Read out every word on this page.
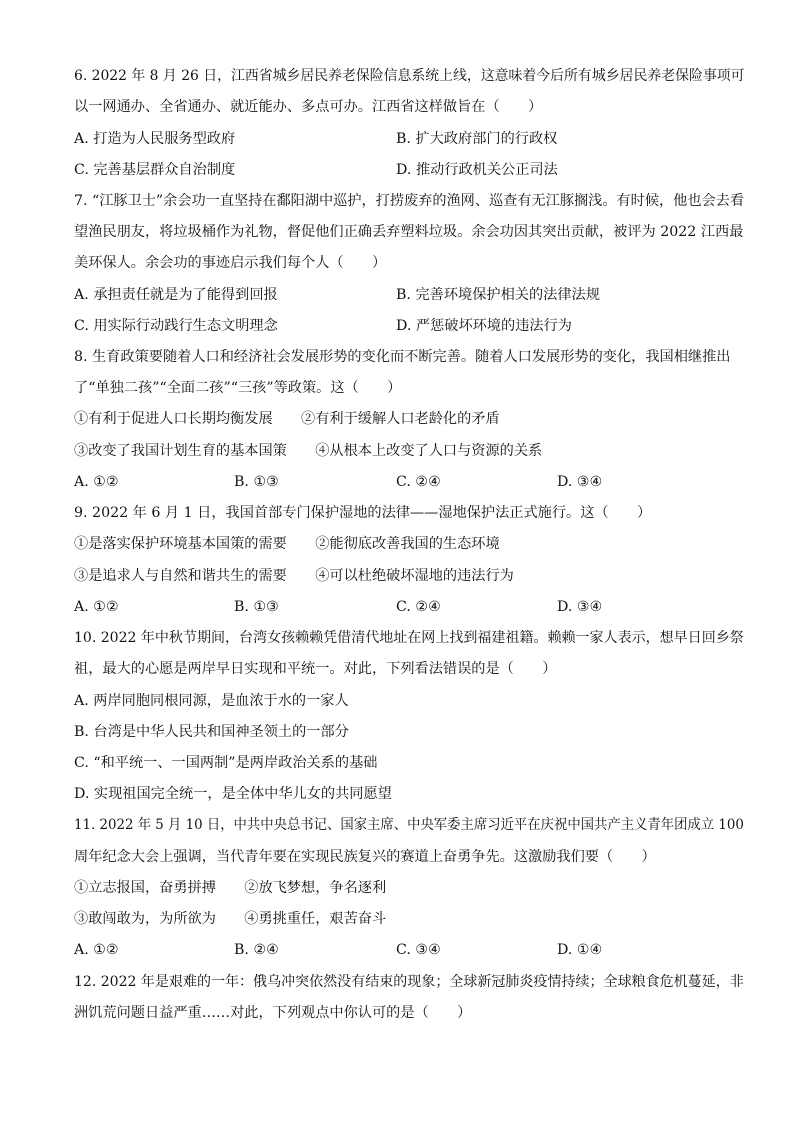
6. 2022 年 8 月 26 日，江西省城乡居民养老保险信息系统上线，这意味着今后所有城乡居民养老保险事项可
以一网通办、全省通办、就近能办、多点可办。江西省这样做旨在（　　）
A. 打造为人民服务型政府	B. 扩大政府部门的行政权
C. 完善基层群众自治制度	D. 推动行政机关公正司法
7. “江豚卫士”余会功一直坚持在鄱阳湖中巡护，打捞废弃的渔网、巡查有无江豚搁浅。有时候，他也会去看
望渔民朋友，将垃圾桶作为礼物，督促他们正确丢弃塑料垃圾。余会功因其突出贡献，被评为 2022 江西最
美环保人。余会功的事迹启示我们每个人（　　）
A. 承担责任就是为了能得到回报	B. 完善环境保护相关的法律法规
C. 用实际行动践行生态文明理念	D. 严惩破坏环境的违法行为
8. 生育政策要随着人口和经济社会发展形势的变化而不断完善。随着人口发展形势的变化，我国相继推出
了“单独二孩”“全面二孩”“三孩”等政策。这（　　）
①有利于促进人口长期均衡发展　　②有利于缓解人口老龄化的矛盾
③改变了我国计划生育的基本国策　　④从根本上改变了人口与资源的关系
A. ①②	B. ①③	C. ②④	D. ③④
9. 2022 年 6 月 1 日，我国首部专门保护湿地的法律——湿地保护法正式施行。这（　　）
①是落实保护环境基本国策的需要　　②能彻底改善我国的生态环境
③是追求人与自然和谐共生的需要　　④可以杜绝破坏湿地的违法行为
A. ①②	B. ①③	C. ②④	D. ③④
10. 2022 年中秋节期间，台湾女孩赖赖凭借清代地址在网上找到福建祖籍。赖赖一家人表示，想早日回乡祭
祖，最大的心愿是两岸早日实现和平统一。对此，下列看法错误的是（　　）
A. 两岸同胞同根同源，是血浓于水的一家人
B. 台湾是中华人民共和国神圣领土的一部分
C. “和平统一、一国两制”是两岸政治关系的基础
D. 实现祖国完全统一，是全体中华儿女的共同愿望
11. 2022 年 5 月 10 日，中共中央总书记、国家主席、中央军委主席习近平在庆祝中国共产主义青年团成立 100
周年纪念大会上强调，当代青年要在实现民族复兴的赛道上奋勇争先。这激励我们要（　　）
①立志报国，奋勇拼搏　　②放飞梦想，争名逐利
③敢闯敢为，为所欲为　　④勇挑重任，艰苦奋斗
A. ①②	B. ②④	C. ③④	D. ①④
12. 2022 年是艰难的一年：俄乌冲突依然没有结束的现象；全球新冠肺炎疫情持续；全球粮食危机蔓延，非
洲饥荒问题日益严重……对此，下列观点中你认可的是（　　）
